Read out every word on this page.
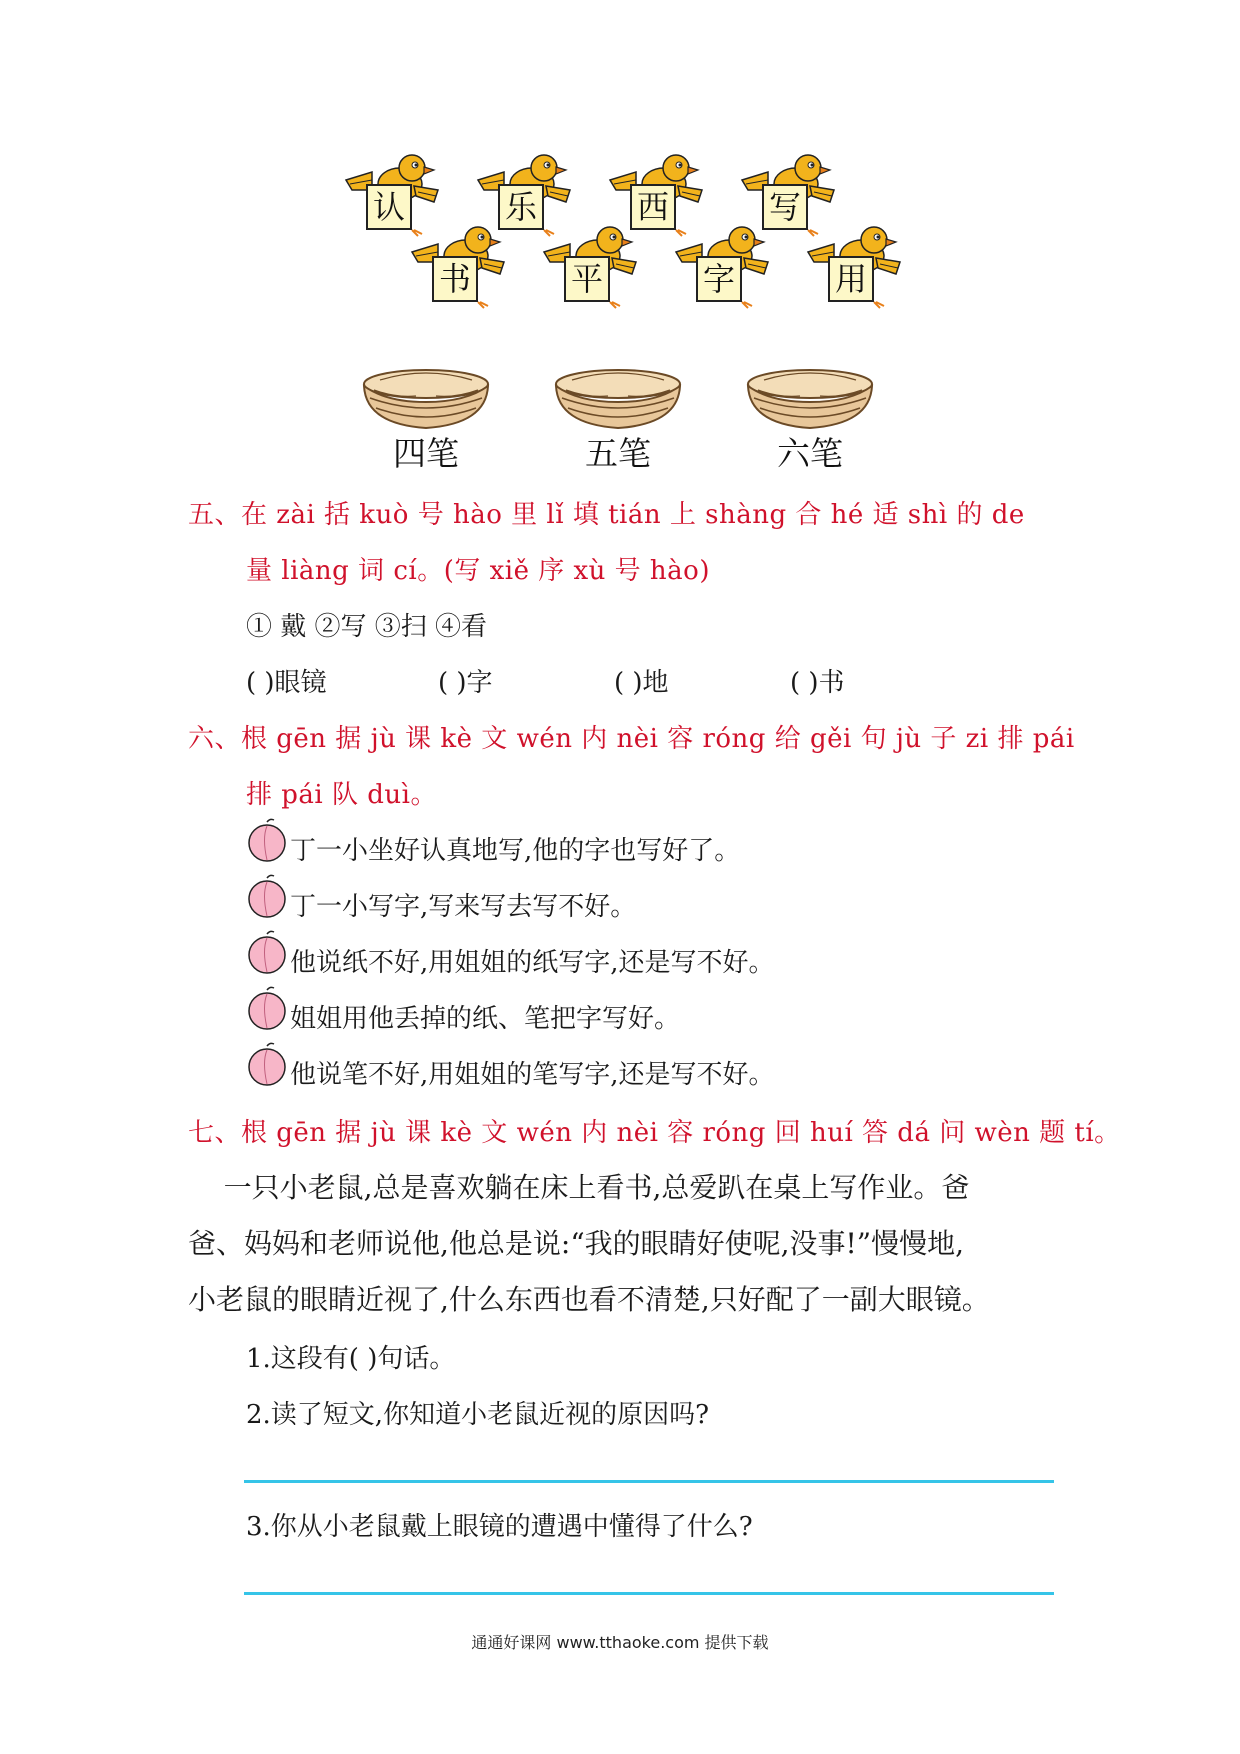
认	乐	西	写
书	平	字	用
四笔	五笔	六笔
五、在 zài 括 kuò 号 hào 里 lǐ 填 tián 上 shàng 合 hé 适 shì 的 de
量 liàng 词 cí。(写 xiě 序 xù 号 hào)
① 戴 ②写 ③扫 ④看
( )眼镜	( )字	( )地	( )书
六、根 gēn 据 jù 课 kè 文 wén 内 nèi 容 róng 给 gěi 句 jù 子 zi 排 pái
排 pái 队 duì。
丁一小坐好认真地写,他的字也写好了。
丁一小写字,写来写去写不好。
他说纸不好,用姐姐的纸写字,还是写不好。
姐姐用他丢掉的纸、笔把字写好。
他说笔不好,用姐姐的笔写字,还是写不好。
七、根 gēn 据 jù 课 kè 文 wén 内 nèi 容 róng 回 huí 答 dá 问 wèn 题 tí。
一只小老鼠,总是喜欢躺在床上看书,总爱趴在桌上写作业。爸
爸、妈妈和老师说他,他总是说:“我的眼睛好使呢,没事!”慢慢地,
小老鼠的眼睛近视了,什么东西也看不清楚,只好配了一副大眼镜。
1.这段有( )句话。
2.读了短文,你知道小老鼠近视的原因吗?
3.你从小老鼠戴上眼镜的遭遇中懂得了什么?
通通好课网 www.tthaoke.com 提供下载
